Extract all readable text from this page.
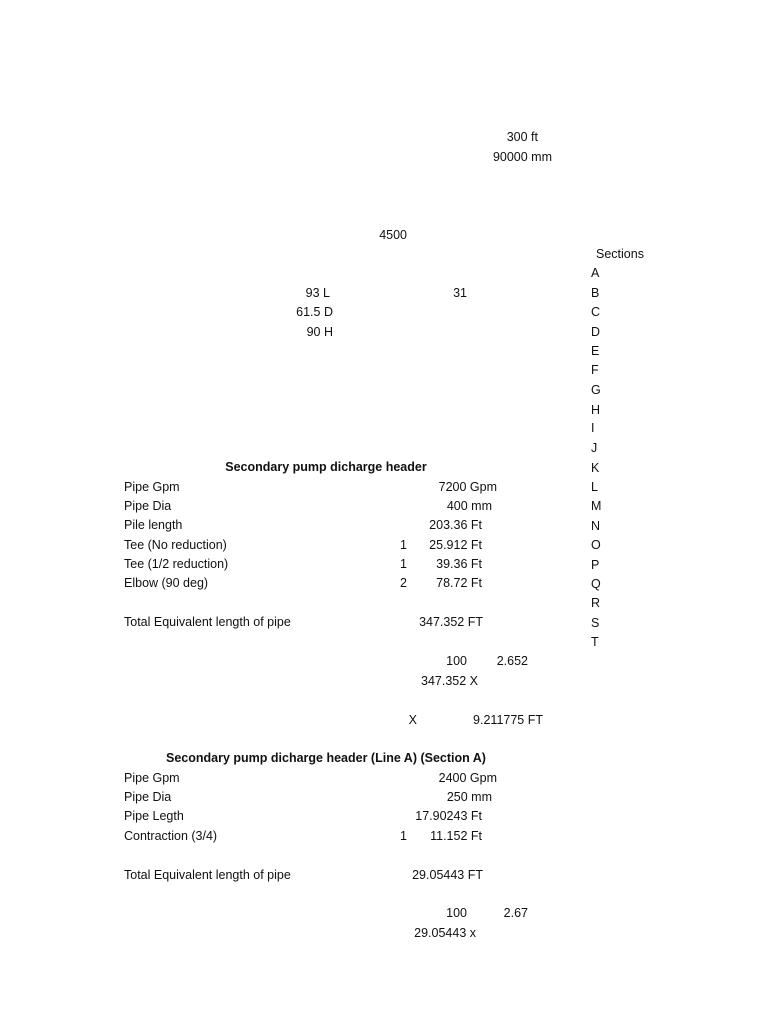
300 ft
90000 mm
4500
93 L	31
61.5 D
90 H
Sections
A
B
C
D
E
F
G
H
I
J
K
L
M
N
O
P
Q
R
S
T
Secondary pump dicharge header
Pipe Gpm	7200 Gpm
Pipe Dia	400 mm
Pile length	203.36 Ft
Tee (No reduction)	1 25.912 Ft
Tee (1/2 reduction)	1 39.36 Ft
Elbow (90 deg)	2 78.72 Ft
Total Equivalent length of pipe	347.352 FT
100 2.652
347.352 X
X	9.211775 FT
Secondary pump dicharge header (Line A) (Section A)
Pipe Gpm	2400 Gpm
Pipe Dia	250 mm
Pipe Legth	17.90243 Ft
Contraction (3/4)	1 11.152 Ft
Total Equivalent length of pipe	29.05443 FT
100	2.67
29.05443 x
